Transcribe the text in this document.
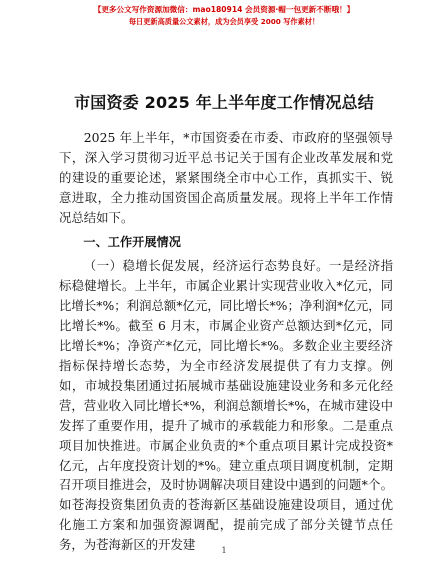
【更多公文写作资源加微信：mao180914 会员资源·帽一包更新不断哦！】
每日更新高质量公文素材，成为会员享受 2000 写作素材！
市国资委 2025 年上半年度工作情况总结

2025 年上半年，*市国资委在市委、市政府的坚强领导下，深入学习贯彻习近平总书记关于国有企业改革发展和党的建设的重要论述，紧紧围绕全市中心工作，真抓实干、锐意进取，全力推动国资国企高质量发展。现将上半年工作情况总结如下。

一、工作开展情况

（一）稳增长促发展，经济运行态势良好。一是经济指标稳健增长。上半年，市属企业累计实现营业收入*亿元，同比增长*%；利润总额*亿元，同比增长*%；净利润*亿元，同比增长*%。截至 6 月末，市属企业资产总额达到*亿元，同比增长*%；净资产*亿元，同比增长*%。多数企业主要经济指标保持增长态势，为全市经济发展提供了有力支撑。例如，市城投集团通过拓展城市基础设施建设业务和多元化经营，营业收入同比增长*%，利润总额增长*%，在城市建设中发挥了重要作用，提升了城市的承载能力和形象。二是重点项目加快推进。市属企业负责的*个重点项目累计完成投资*亿元，占年度投资计划的*%。建立重点项目调度机制，定期召开项目推进会，及时协调解决项目建设中遇到的问题*个。如苍海投资集团负责的苍海新区基础设施建设项目，通过优化施工方案和加强资源调配，提前完成了部分关键节点任务，为苍海新区的开发建	1
